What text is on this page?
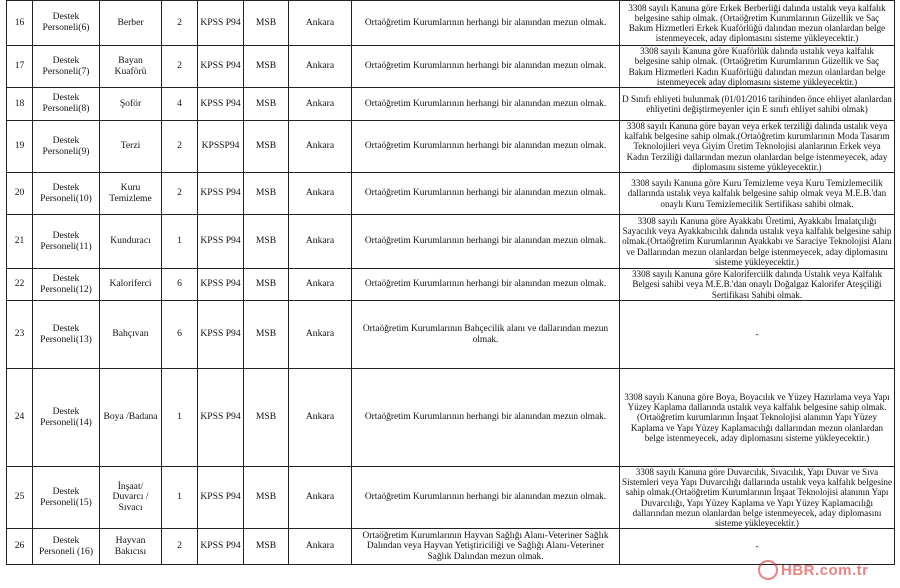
16	Destek Personeli(6)	Berber	2	KPSS P94	MSB	Ankara	Ortaöğretim Kurumlarının herhangi bir alanından mezun olmak.	3308 sayılı Kanuna göre Erkek Berberliği dalında ustalık veya kalfalık belgesine sahip olmak. (Ortaöğretim Kurumlarının Güzellik ve Saç Bakım Hizmetleri Erkek Kuaförlüğü dalından mezun olanlardan belge istenmeyecek, aday diplomasını sisteme yükleyecektir.)
17	Destek Personeli(7)	Bayan Kuaförü	2	KPSS P94	MSB	Ankara	Ortaöğretim Kurumlarının herhangi bir alanından mezun olmak.	3308 sayılı Kanuna göre Kuaförlük dalında ustalık veya kalfalık belgesine sahip olmak. (Ortaöğretim Kurumlarının Güzellik ve Saç Bakım Hizmetleri Kadın Kuaförlüğü dalından mezun olanlardan belge istenmeyecek aday diplomasını sisteme yükleyecektir.)
18	Destek Personeli(8)	Şoför	4	KPSS P94	MSB	Ankara	Ortaöğretim Kurumlarının herhangi bir alanından mezun olmak.	D Sınıfı ehliyeti bulunmak (01/01/2016 tarihinden önce ehliyet alanlardan ehliyetini değiştirmeyenler için E sınıfı ehliyet sahibi olmak)
19	Destek Personeli(9)	Terzi	2	KPSSP94	MSB	Ankara	Ortaöğretim Kurumlarının herhangi bir alanından mezun olmak.	3308 sayılı Kanuna göre bayan veya erkek terziliği dalında ustalık veya kalfalık belgesine sahip olmak.(Ortaöğretim kurumlarının Moda Tasarım Teknolojileri veya Giyim Üretim Teknolojisi alanlarının Erkek veya Kadın Terziliği dallarından mezun olanlardan belge istenmeyecek, aday diplomasını sisteme yükleyecektir.)
20	Destek Personeli(10)	Kuru Temizleme	2	KPSS P94	MSB	Ankara	Ortaöğretim Kurumlarının herhangi bir alanından mezun olmak.	3308 sayılı Kanuna göre Kuru Temizleme veya Kuru Temizlemecilik dallarında ustalık veya kalfalık belgesine sahip olmak veya M.E.B.'dan onaylı Kuru Temizlemecilik Sertifikası sahibi olmak.
21	Destek Personeli(11)	Kunduracı	1	KPSS P94	MSB	Ankara	Ortaöğretim Kurumlarının herhangi bir alanından mezun olmak.	3308 sayılı Kanuna göre Ayakkabı Üretimi, Ayakkabı İmalatçılığı Sayacılık veya Ayakkabıcılık dalında ustalık veya kalfalık belgesine sahip olmak.(Ortaöğretim Kurumlarının Ayakkabı ve Saraciye Teknolojisi Alanı ve Dallarından mezun olanlardan belge istenmeyecek, aday diplomasını sisteme yükleyecektir.)
22	Destek Personeli(12)	Kaloriferci	6	KPSS P94	MSB	Ankara	Ortaöğretim Kurumlarının herhangi bir alanından mezun olmak.	3308 sayılı Kanuna göre Kaloriferciilk dalında Ustalık veya Kalfalık Belgesi sahibi veya M.E.B.'dan onaylı Doğalgaz Kalorifer Ateşçiliği Sertifikası Sahibi olmak.
23	Destek Personeli(13)	Bahçıvan	6	KPSS P94	MSB	Ankara	Ortaöğretim Kurumlarının Bahçecilik alanı ve dallarından mezun olmak.	-
24	Destek Personeli(14)	Boya /Badana	1	KPSS P94	MSB	Ankara	Ortaöğretim Kurumlarının herhangi bir alanından mezun olmak.	3308 sayılı Kanuna göre Boya, Boyacılık ve Yüzey Hazırlama veya Yapı Yüzey Kaplama dallarında ustalık veya kalfalık belgesine sahip olmak. (Ortaöğretim kurumlarının İnşaat Teknolojisi alanının Yapı Yüzey Kaplama ve Yapı Yüzey Kaplamacılığı dallarından mezun olanlardan belge istenmeyecek, aday diplomasını sisteme yükleyecektir.)
25	Destek Personeli(15)	İnşaat/ Duvarcı / Sıvacı	1	KPSS P94	MSB	Ankara	Ortaöğretim Kurumlarının herhangi bir alanından mezun olmak.	3308 sayılı Kanuna göre Duvarcılık, Sıvacılık, Yapı Duvar ve Sıva Sistemleri veya Yapı Duvarcılığı dallarında ustalık veya kalfalık belgesine sahip olmak.(Ortaöğretim Kurumlarının İnşaat Teknolojisi alanının Yapı Duvarcılığı, Yapı Yüzey Kaplama ve Yapı Yüzey Kaplamacılığı dallarından mezun olanlardan belge istenmeyecek, aday diplomasını sisteme yükleyecektir.)
26	Destek Personeli (16)	Hayvan Bakıcısı	2	KPSS P94	MSB	Ankara	Ortaöğretim Kurumlarının Hayvan Sağlığı Alanı-Veteriner Sağlık Dalından veya Hayvan Yetiştiriciliği ve Sağlığı Alanı-Veteriner Sağlık Dalından mezun olmak.	-
HBR.com.tr
